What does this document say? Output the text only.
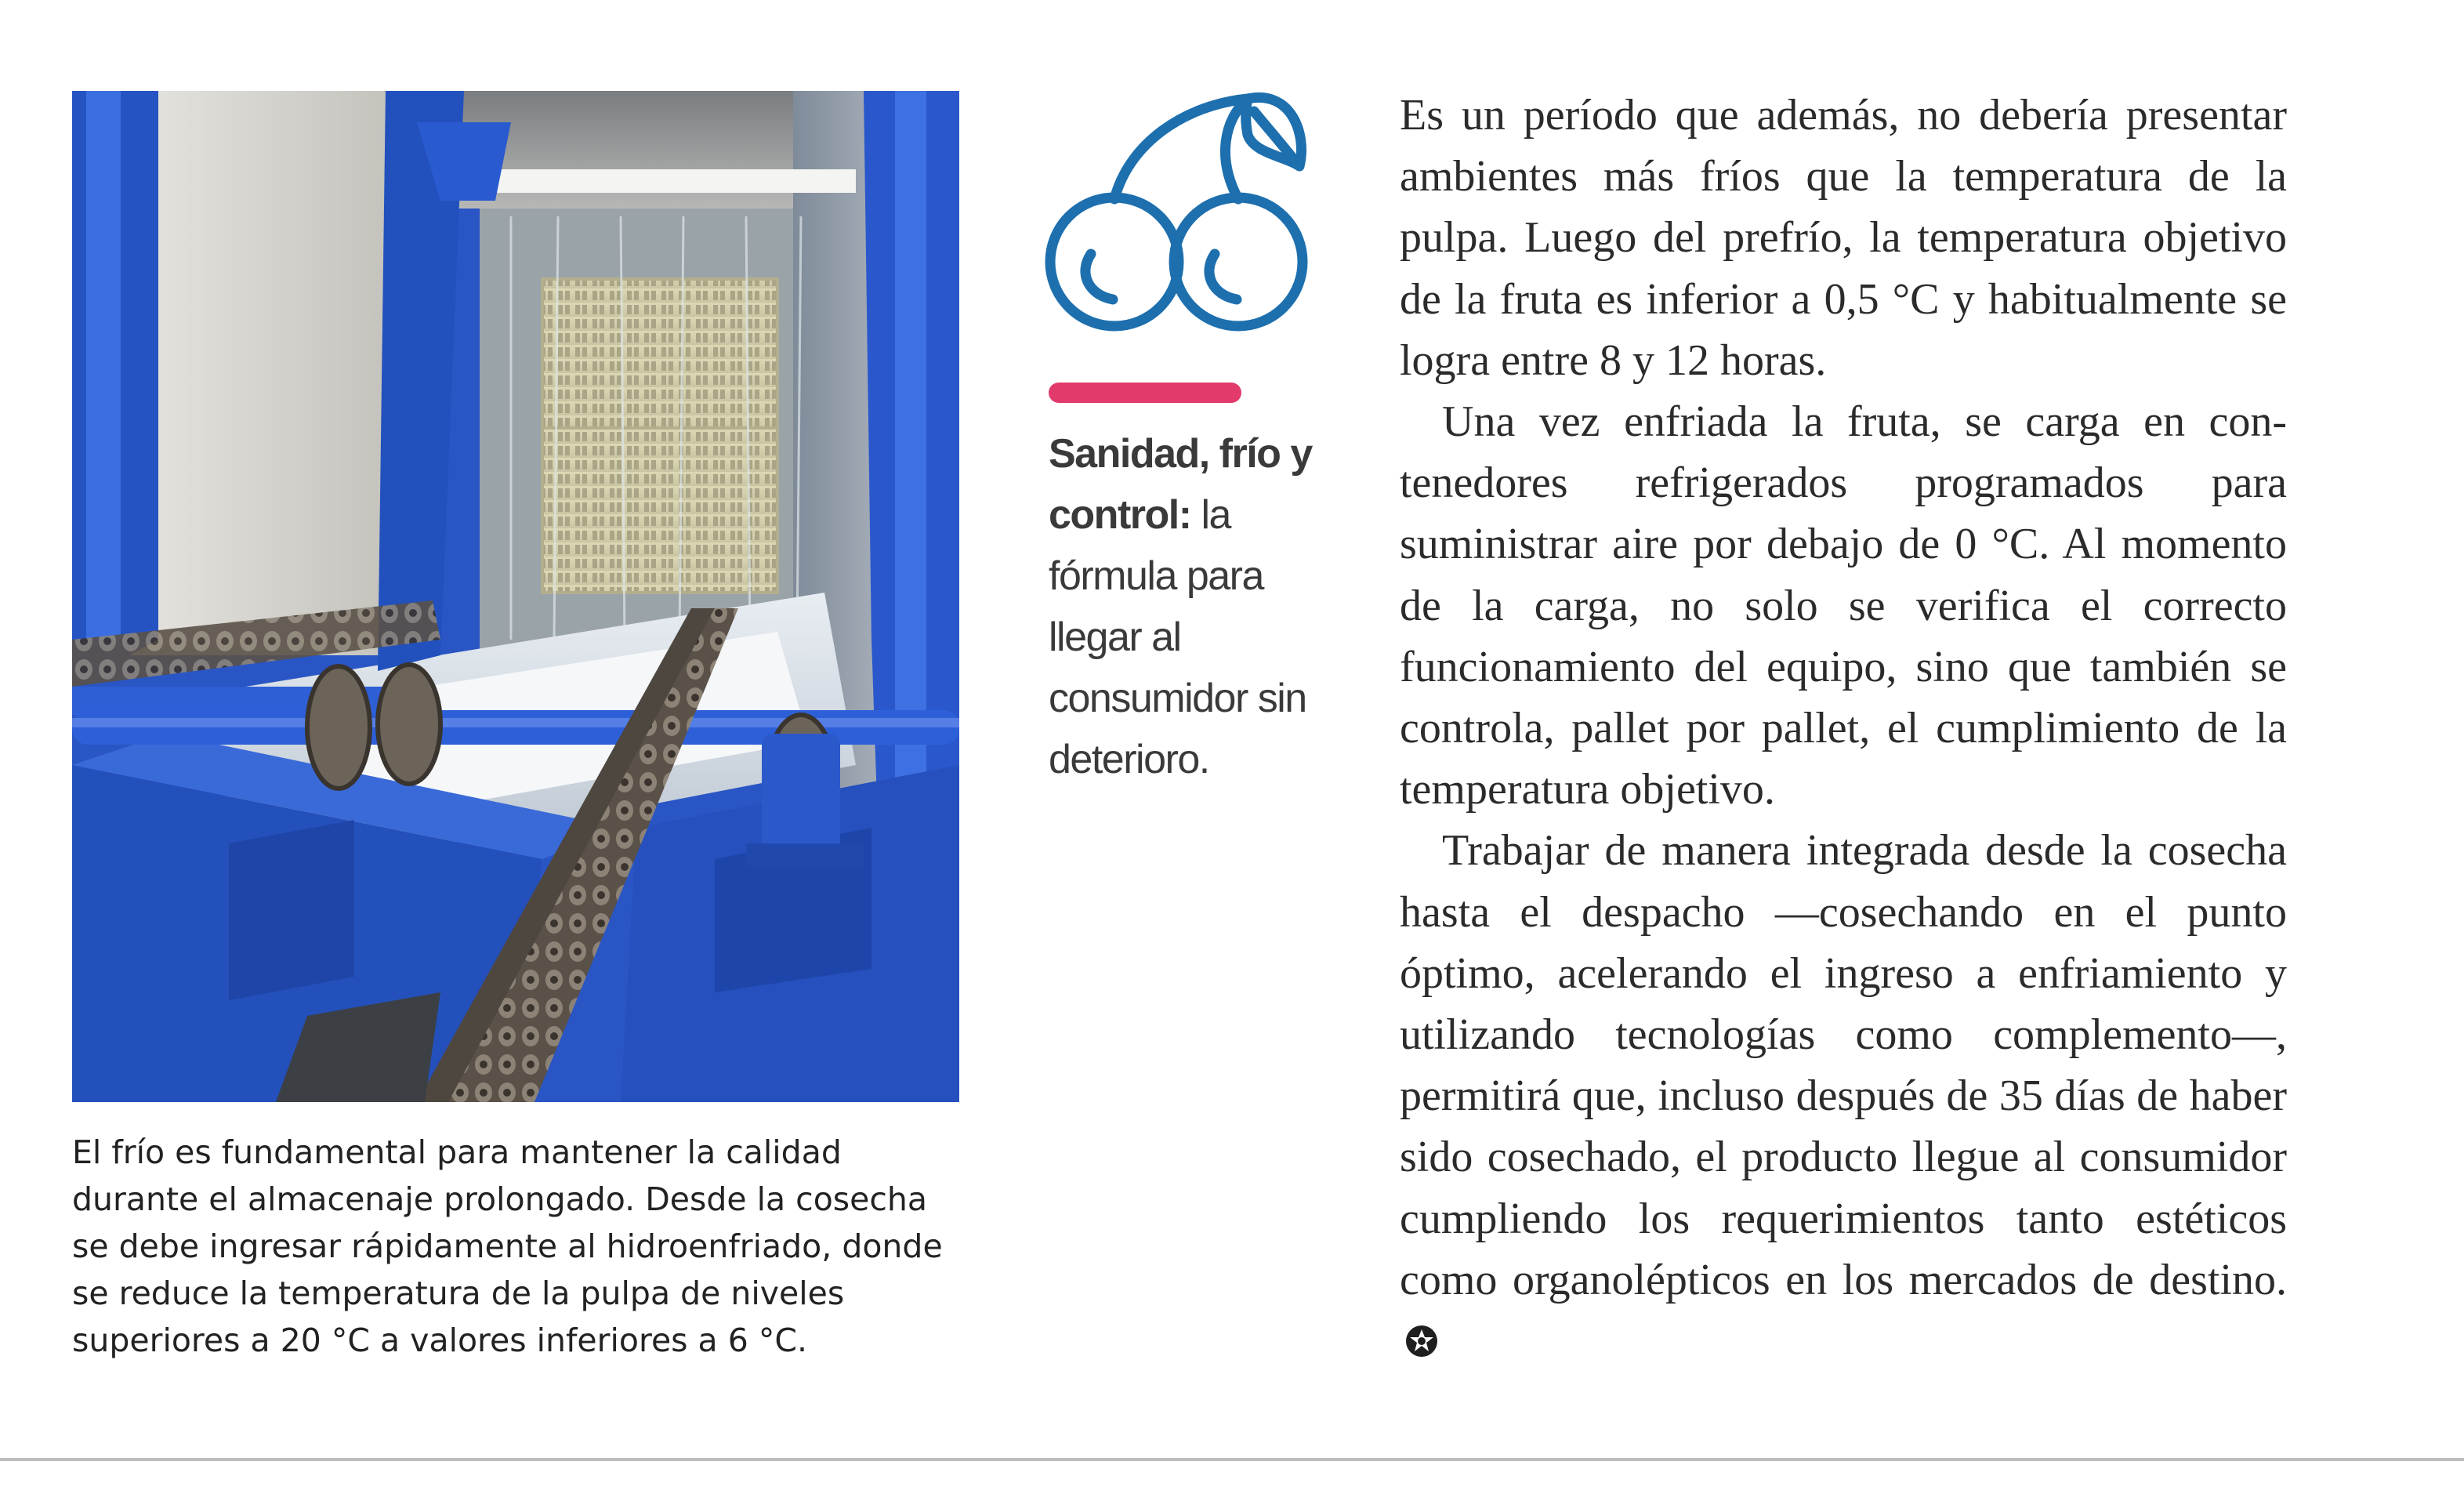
El frío es fundamental para mantener la calidad durante el almacenaje prolongado. Desde la cosecha se debe ingresar rápidamente al hidroenfriado, donde se reduce la temperatura de la pulpa de niveles superiores a 20 °C a valores inferiores a 6 °C.

Sanidad, frío y control: la fórmula para llegar al consumidor sin deterioro.

Es un período que además, no debería presentar ambientes más fríos que la temperatura de la pulpa. Luego del prefrío, la temperatura objetivo de la fruta es inferior a 0,5 °C y habitualmente se logra entre 8 y 12 horas.

Una vez enfriada la fruta, se carga en contenedores refrigerados programados para suministrar aire por debajo de 0 °C. Al momento de la carga, no solo se verifica el correcto funcionamiento del equipo, sino que también se controla, pallet por pallet, el cumplimiento de la temperatura objetivo.

Trabajar de manera integrada desde la cosecha hasta el despacho —cosechando en el punto óptimo, acelerando el ingreso a enfriamiento y utilizando tecnologías como complemento—, permitirá que, incluso después de 35 días de haber sido cosechado, el producto llegue al consumidor cumpliendo los requerimientos tanto estéticos como organolépticos en los mercados de destino.
